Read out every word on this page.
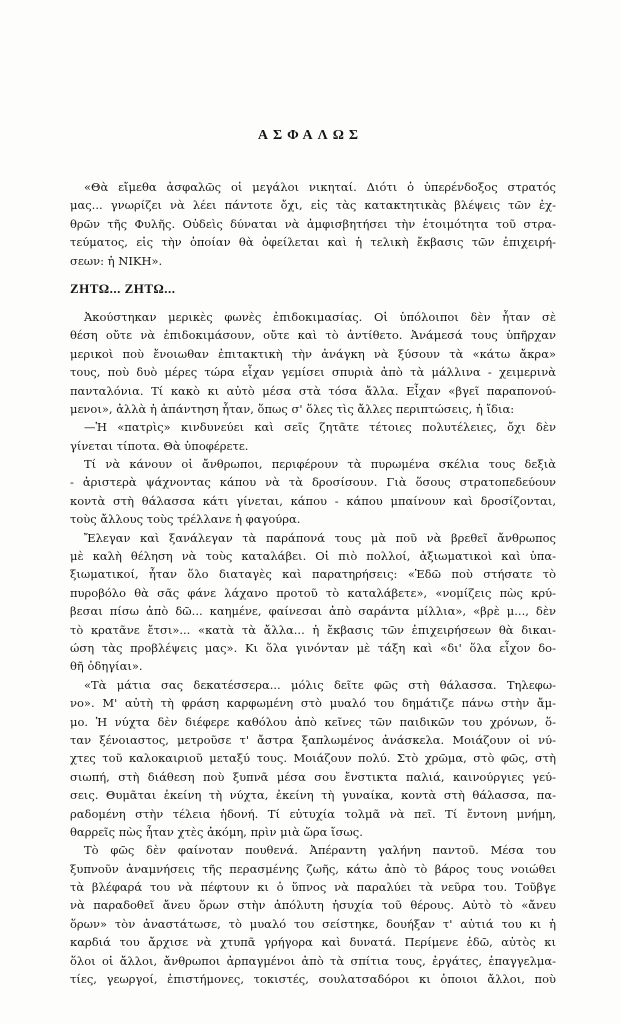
ΑΣΦΑΛΩΣ
«Θὰ εἴμεθα ἀσφαλῶς οἱ μεγάλοι νικηταί. Διότι ὁ ὑπερένδοξος στρατός
μας... γνωρίζει νὰ λέει πάντοτε ὄχι, εἰς τὰς κατακτητικὰς βλέψεις τῶν ἐχ-
θρῶν τῆς Φυλῆς. Οὐδεὶς δύναται νὰ ἀμφισβητήσει τὴν ἑτοιμότητα τοῦ στρα-
τεύματος, εἰς τὴν ὁποίαν θὰ ὀφείλεται καὶ ἡ τελικὴ ἔκβασις τῶν ἐπιχειρή-
σεων: ἡ ΝΙΚΗ».
ΖΗΤΩ... ΖΗΤΩ...
Ἀκούστηκαν μερικὲς φωνὲς ἐπιδοκιμασίας. Οἱ ὑπόλοιποι δὲν ἦταν σὲ
θέση οὔτε νὰ ἐπιδοκιμάσουν, οὔτε καὶ τὸ ἀντίθετο. Ἀνάμεσά τους ὑπῆρχαν
μερικοὶ ποὺ ἔνοιωθαν ἐπιτακτικὴ τὴν ἀνάγκη νὰ ξύσουν τὰ «κάτω ἄκρα»
τους, ποὺ δυὸ μέρες τώρα εἶχαν γεμίσει σπυριὰ ἀπὸ τὰ μάλλινα - χειμερινὰ
πανταλόνια. Τί κακὸ κι αὐτὸ μέσα στὰ τόσα ἄλλα. Εἶχαν «βγεῖ παραπονού-
μενοι», ἀλλὰ ἡ ἀπάντηση ἦταν, ὅπως σ' ὅλες τὶς ἄλλες περιπτώσεις, ἡ ἴδια:
—Ἡ «πατρὶς» κινδυνεύει καὶ σεῖς ζητᾶτε τέτοιες πολυτέλειες, ὄχι δὲν
γίνεται τίποτα. Θὰ ὑποφέρετε.
Τί νὰ κάνουν οἱ ἄνθρωποι, περιφέρουν τὰ πυρωμένα σκέλια τους δεξιὰ
- ἀριστερὰ ψάχνοντας κάπου νὰ τὰ δροσίσουν. Γιὰ ὅσους στρατοπεδεύουν
κοντὰ στὴ θάλασσα κάτι γίνεται, κάπου - κάπου μπαίνουν καὶ δροσίζονται,
τοὺς ἄλλους τοὺς τρέλλανε ἡ φαγούρα.
Ἔλεγαν καὶ ξανάλεγαν τὰ παράπονά τους μὰ ποῦ νὰ βρεθεῖ ἄνθρωπος
μὲ καλὴ θέληση νὰ τοὺς καταλάβει. Οἱ πιὸ πολλοί, ἀξιωματικοὶ καὶ ὑπα-
ξιωματικοί, ἦταν ὅλο διαταγὲς καὶ παρατηρήσεις: «Ἐδῶ ποὺ στήσατε τὸ
πυροβόλο θὰ σᾶς φάνε λάχανο προτοῦ τὸ καταλάβετε», «νομίζεις πὼς κρύ-
βεσαι πίσω ἀπὸ δῶ... καημένε, φαίνεσαι ἀπὸ σαράντα μίλλια», «βρὲ μ..., δὲν
τὸ κρατᾶνε ἔτσι»... «κατὰ τὰ ἄλλα... ἡ ἔκβασις τῶν ἐπιχειρήσεων θὰ δικαι-
ώση τὰς προβλέψεις μας». Κι ὅλα γινόνταν μὲ τάξη καὶ «δι' ὅλα εἶχον δο-
θῆ ὁδηγίαι».
«Τὰ μάτια σας δεκατέσσερα... μόλις δεῖτε φῶς στὴ θάλασσα. Τηλεφω-
νο». Μ' αὐτὴ τὴ φράση καρφωμένη στὸ μυαλό του δημάτιζε πάνω στὴν ἄμ-
μο. Ἡ νύχτα δὲν διέφερε καθόλου ἀπὸ κεῖνες τῶν παιδικῶν του χρόνων, ὅ-
ταν ξένοιαστος, μετροῦσε τ' ἄστρα ξαπλωμένος ἀνάσκελα. Μοιάζουν οἱ νύ-
χτες τοῦ καλοκαιριοῦ μεταξύ τους. Μοιάζουν πολύ. Στὸ χρῶμα, στὸ φῶς, στὴ
σιωπή, στὴ διάθεση ποὺ ξυπνᾶ μέσα σου ἔνστικτα παλιά, καινούργιες γεύ-
σεις. Θυμᾶται ἐκείνη τὴ νύχτα, ἐκείνη τὴ γυναίκα, κοντὰ στὴ θάλασσα, πα-
ραδομένη στὴν τέλεια ἡδονή. Τί εὐτυχία τολμᾶ νὰ πεῖ. Τί ἔντονη μνήμη,
θαρρεῖς πὼς ἦταν χτὲς ἀκόμη, πρὶν μιὰ ὥρα ἴσως.
Τὸ φῶς δὲν φαίνοταν πουθενά. Ἀπέραντη γαλήνη παντοῦ. Μέσα του
ξυπνοῦν ἀναμνήσεις τῆς περασμένης ζωῆς, κάτω ἀπὸ τὸ βάρος τους νοιώθει
τὰ βλέφαρά του νὰ πέφτουν κι ὁ ὕπνος νὰ παραλύει τὰ νεῦρα του. Τοῦβγε
νὰ παραδοθεῖ ἄνευ ὅρων στὴν ἀπόλυτη ἡσυχία τοῦ θέρους. Αὐτὸ τὸ «ἄνευ
ὅρων» τὸν ἀναστάτωσε, τὸ μυαλό του σείστηκε, δουήξαν τ' αὐτιά του κι ἡ
καρδιά του ἄρχισε νὰ χτυπᾶ γρήγορα καὶ δυνατά. Περίμενε ἐδῶ, αὐτὸς κι
ὅλοι οἱ ἄλλοι, ἄνθρωποι ἀρπαγμένοι ἀπὸ τὰ σπίτια τους, ἐργάτες, ἐπαγγελμα-
τίες, γεωργοί, ἐπιστήμονες, τοκιστές, σουλατσαδόροι κι ὁποιοι ἄλλοι, ποὺ
